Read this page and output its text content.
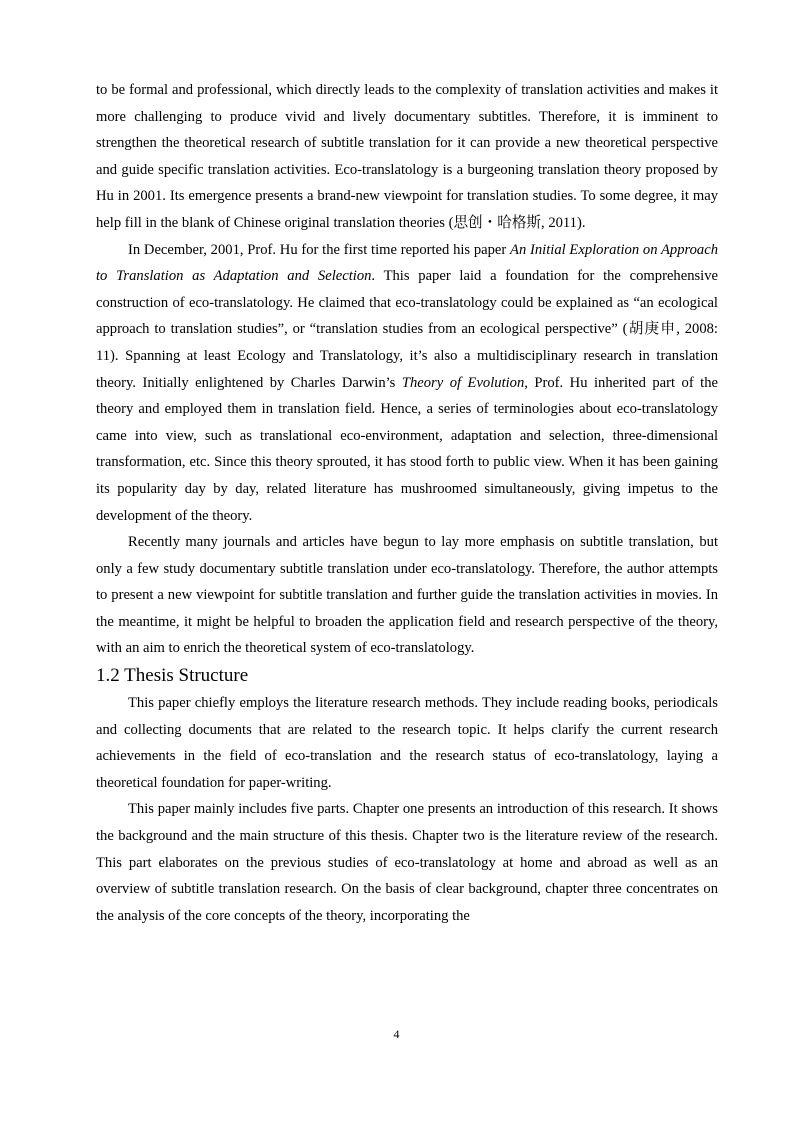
to be formal and professional, which directly leads to the complexity of translation activities and makes it more challenging to produce vivid and lively documentary subtitles. Therefore, it is imminent to strengthen the theoretical research of subtitle translation for it can provide a new theoretical perspective and guide specific translation activities. Eco-translatology is a burgeoning translation theory proposed by Hu in 2001. Its emergence presents a brand-new viewpoint for translation studies. To some degree, it may help fill in the blank of Chinese original translation theories (思创・哈格斯, 2011).

In December, 2001, Prof. Hu for the first time reported his paper An Initial Exploration on Approach to Translation as Adaptation and Selection. This paper laid a foundation for the comprehensive construction of eco-translatology. He claimed that eco-translatology could be explained as “an ecological approach to translation studies”, or “translation studies from an ecological perspective” (胡庚申, 2008: 11). Spanning at least Ecology and Translatology, it’s also a multidisciplinary research in translation theory. Initially enlightened by Charles Darwin’s Theory of Evolution, Prof. Hu inherited part of the theory and employed them in translation field. Hence, a series of terminologies about eco-translatology came into view, such as translational eco-environment, adaptation and selection, three-dimensional transformation, etc. Since this theory sprouted, it has stood forth to public view. When it has been gaining its popularity day by day, related literature has mushroomed simultaneously, giving impetus to the development of the theory.

Recently many journals and articles have begun to lay more emphasis on subtitle translation, but only a few study documentary subtitle translation under eco-translatology. Therefore, the author attempts to present a new viewpoint for subtitle translation and further guide the translation activities in movies. In the meantime, it might be helpful to broaden the application field and research perspective of the theory, with an aim to enrich the theoretical system of eco-translatology.

1.2 Thesis Structure

This paper chiefly employs the literature research methods. They include reading books, periodicals and collecting documents that are related to the research topic. It helps clarify the current research achievements in the field of eco-translation and the research status of eco-translatology, laying a theoretical foundation for paper-writing.

This paper mainly includes five parts. Chapter one presents an introduction of this research. It shows the background and the main structure of this thesis. Chapter two is the literature review of the research. This part elaborates on the previous studies of eco-translatology at home and abroad as well as an overview of subtitle translation research. On the basis of clear background, chapter three concentrates on the analysis of the core concepts of the theory, incorporating the

4
